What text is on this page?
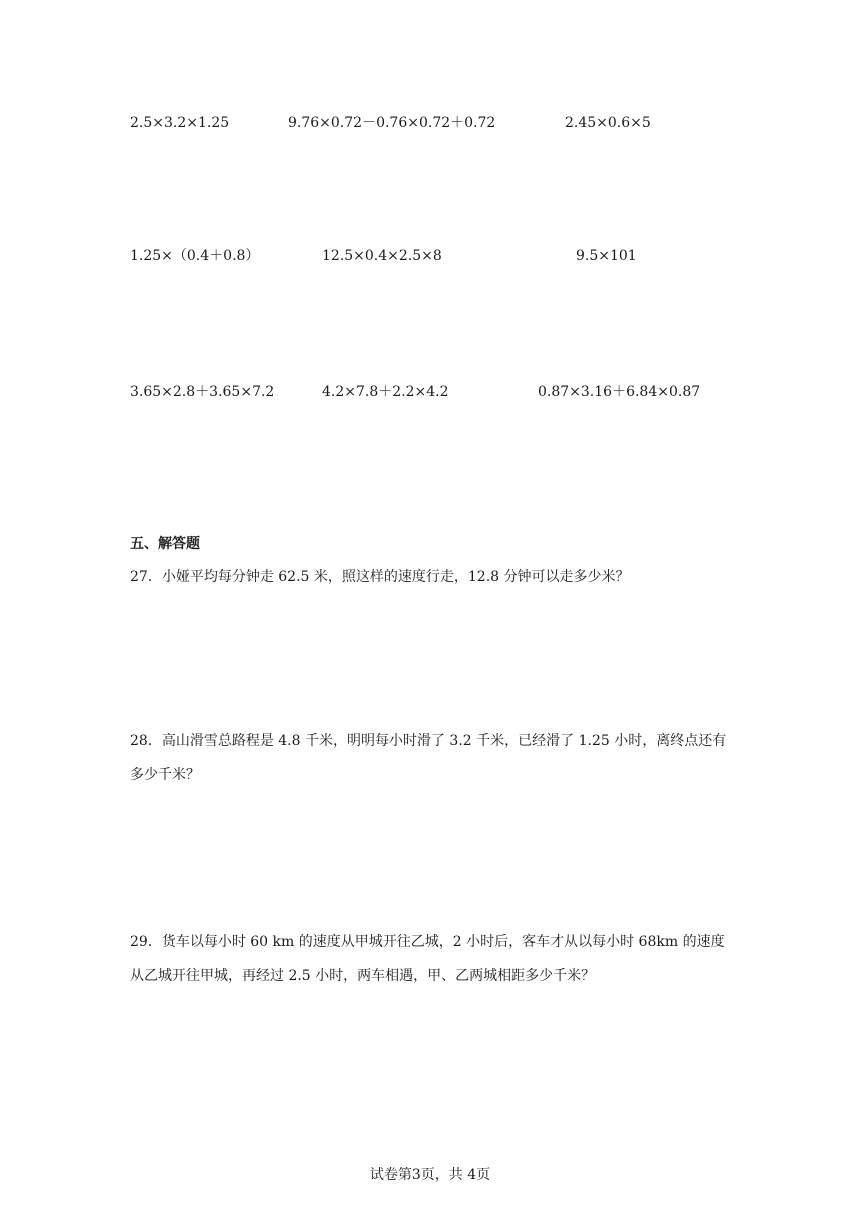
2.5×3.2×1.25	9.76×0.72－0.76×0.72＋0.72	2.45×0.6×5
1.25×（0.4＋0.8）	12.5×0.4×2.5×8	9.5×101
3.65×2.8＋3.65×7.2	4.2×7.8＋2.2×4.2	0.87×3.16＋6.84×0.87
五、解答题
27．小娅平均每分钟走 62.5 米，照这样的速度行走，12.8 分钟可以走多少米？
28．高山滑雪总路程是 4.8 千米，明明每小时滑了 3.2 千米，已经滑了 1.25 小时，离终点还有多少千米？
29．货车以每小时 60 km 的速度从甲城开往乙城，2 小时后，客车才从以每小时 68km 的速度从乙城开往甲城，再经过 2.5 小时，两车相遇，甲、乙两城相距多少千米？
试卷第3页，共 4页
